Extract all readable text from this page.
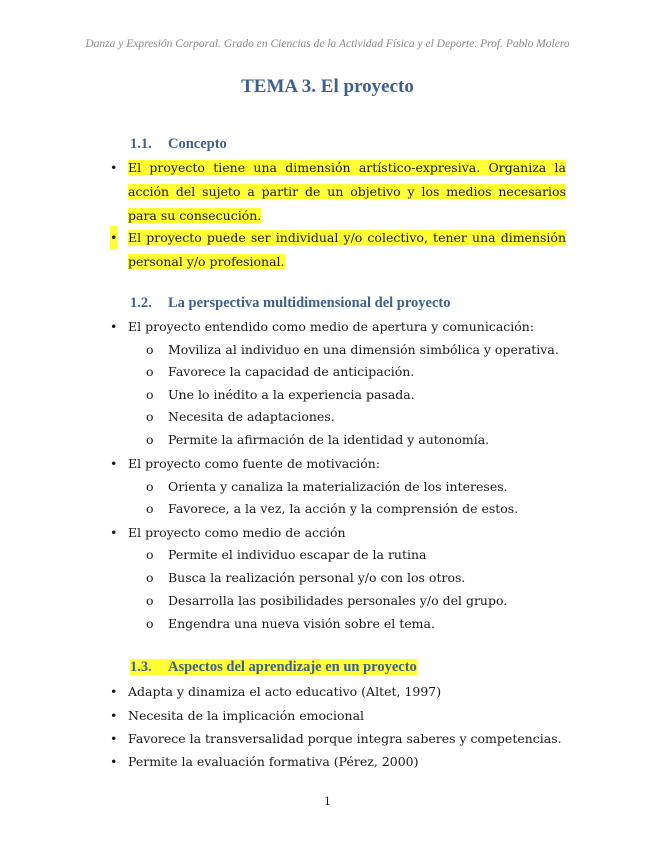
Danza y Expresión Corporal. Grado en Ciencias de la Actividad Física y el Deporte. Prof. Pablo Molero
TEMA 3. El proyecto
1.1. Concepto
• El proyecto tiene una dimensión artístico-expresiva. Organiza la acción del sujeto a partir de un objetivo y los medios necesarios para su consecución.
• El proyecto puede ser individual y/o colectivo, tener una dimensión personal y/o profesional.
1.2. La perspectiva multidimensional del proyecto
• El proyecto entendido como medio de apertura y comunicación:
o Moviliza al individuo en una dimensión simbólica y operativa.
o Favorece la capacidad de anticipación.
o Une lo inédito a la experiencia pasada.
o Necesita de adaptaciones.
o Permite la afirmación de la identidad y autonomía.
• El proyecto como fuente de motivación:
o Orienta y canaliza la materialización de los intereses.
o Favorece, a la vez, la acción y la comprensión de estos.
• El proyecto como medio de acción
o Permite el individuo escapar de la rutina
o Busca la realización personal y/o con los otros.
o Desarrolla las posibilidades personales y/o del grupo.
o Engendra una nueva visión sobre el tema.
1.3. Aspectos del aprendizaje en un proyecto
• Adapta y dinamiza el acto educativo (Altet, 1997)
• Necesita de la implicación emocional
• Favorece la transversalidad porque integra saberes y competencias.
• Permite la evaluación formativa (Pérez, 2000)
1
